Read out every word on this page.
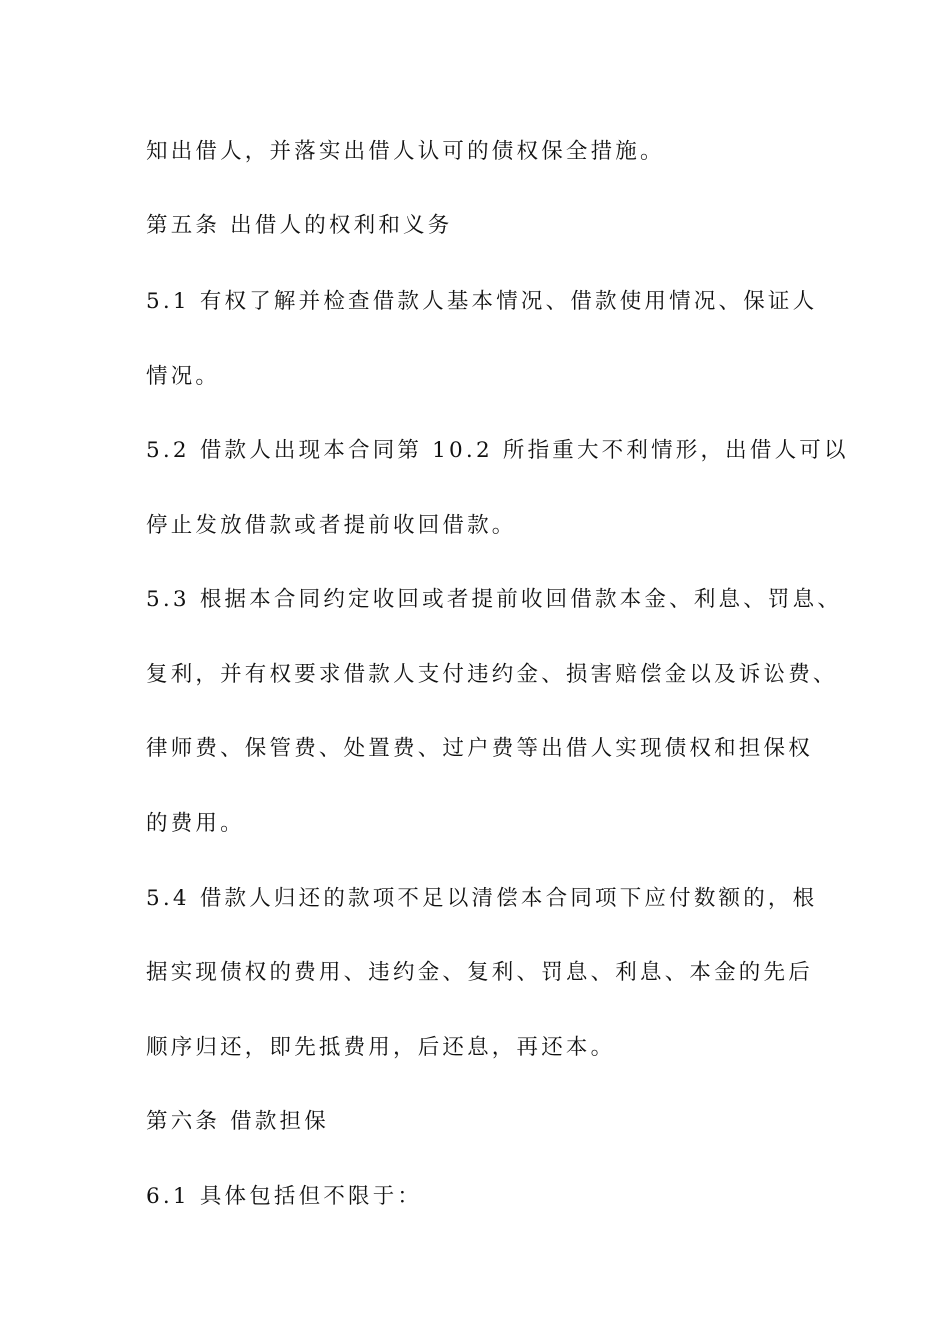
知出借人，并落实出借人认可的债权保全措施。

第五条 出借人的权利和义务

5.1 有权了解并检查借款人基本情况、借款使用情况、保证人

情况。

5.2 借款人出现本合同第 10.2 所指重大不利情形，出借人可以

停止发放借款或者提前收回借款。

5.3 根据本合同约定收回或者提前收回借款本金、利息、罚息、

复利，并有权要求借款人支付违约金、损害赔偿金以及诉讼费、

律师费、保管费、处置费、过户费等出借人实现债权和担保权

的费用。

5.4 借款人归还的款项不足以清偿本合同项下应付数额的，根

据实现债权的费用、违约金、复利、罚息、利息、本金的先后

顺序归还，即先抵费用，后还息，再还本。

第六条 借款担保

6.1 具体包括但不限于：
